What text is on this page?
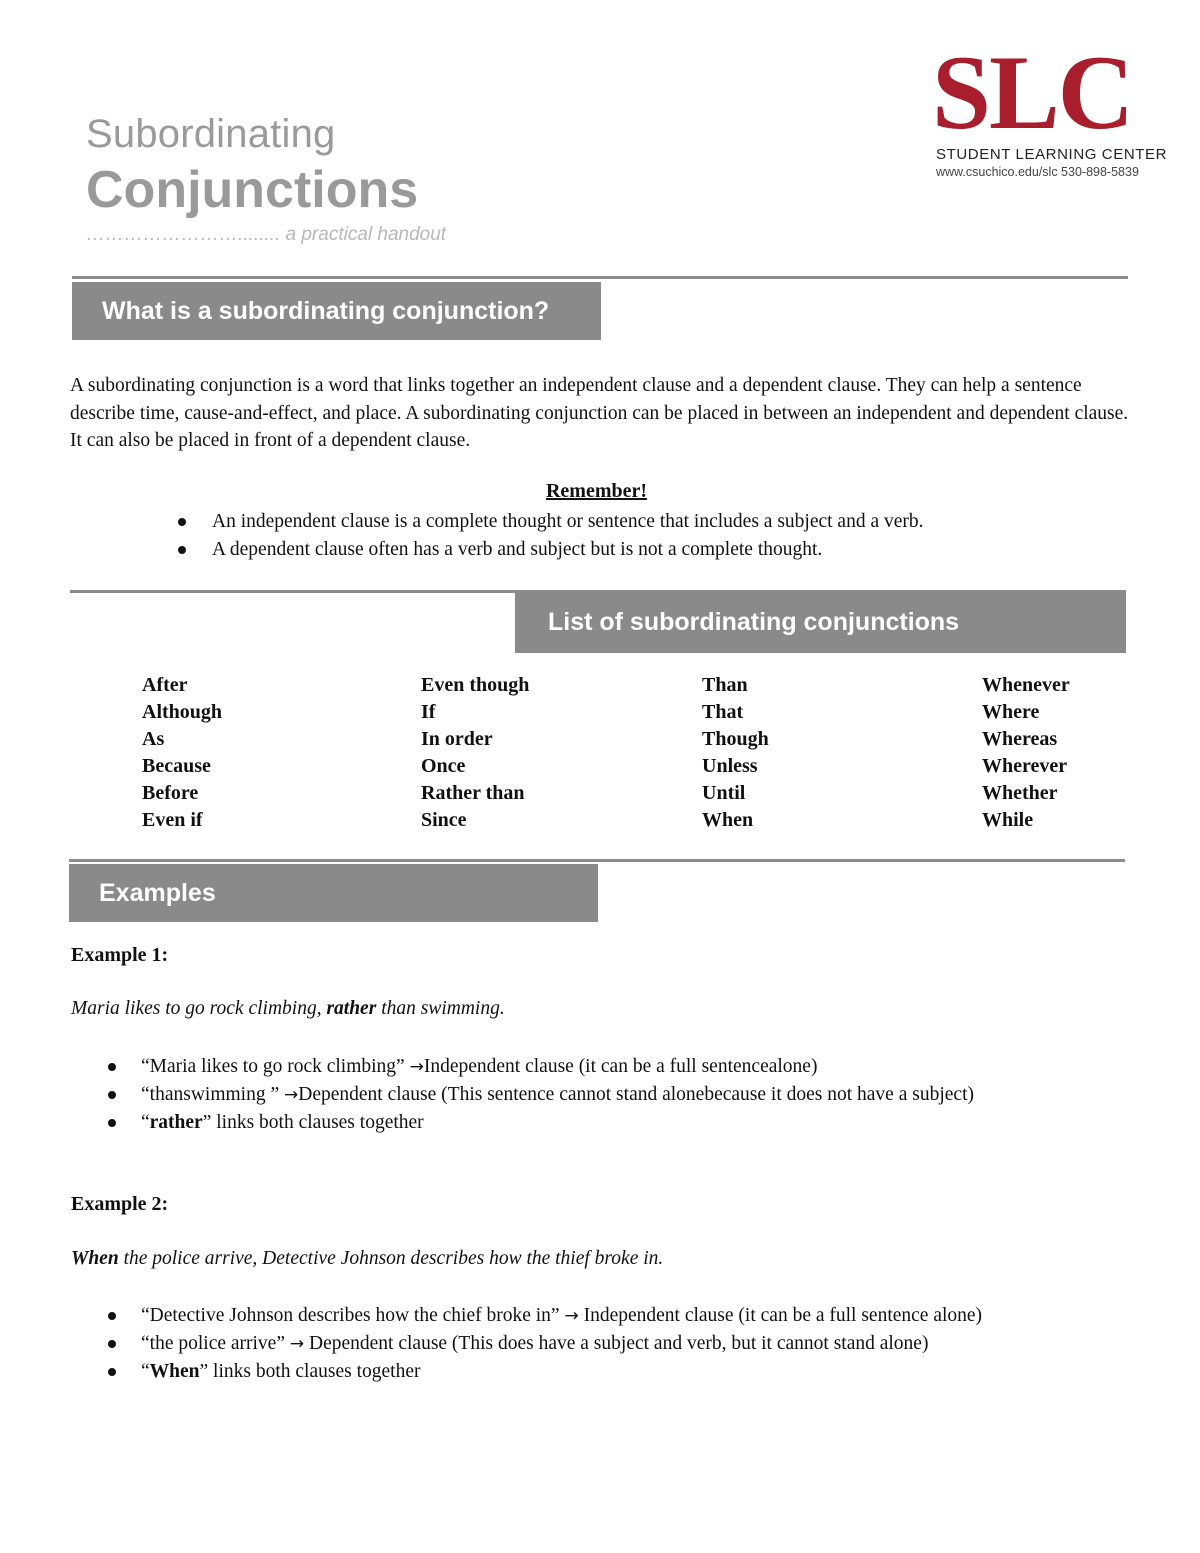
Subordinating
Conjunctions
……………………........ a practical handout
SLC
STUDENT LEARNING CENTER
www.csuchico.edu/slc 530-898-5839
What is a subordinating conjunction?
A subordinating conjunction is a word that links together an independent clause and a dependent clause. They can help a sentence describe time, cause-and-effect, and place. A subordinating conjunction can be placed in between an independent and dependent clause. It can also be placed in front of a dependent clause.
Remember!
An independent clause is a complete thought or sentence that includes a subject and a verb.
A dependent clause often has a verb and subject but is not a complete thought.
List of subordinating conjunctions
After
Although
As
Because
Before
Even if
Even though
If
In order
Once
Rather than
Since
Than
That
Though
Unless
Until
When
Whenever
Where
Whereas
Wherever
Whether
While
Examples
Example 1:
Maria likes to go rock climbing, rather than swimming.
“Maria likes to go rock climbing” →Independent clause (it can be a full sentencealone)
“thanswimming ” →Dependent clause (This sentence cannot stand alonebecause it does not have a subject)
“rather” links both clauses together
Example 2:
When the police arrive, Detective Johnson describes how the thief broke in.
“Detective Johnson describes how the chief broke in” → Independent clause (it can be a full sentence alone)
“the police arrive” → Dependent clause (This does have a subject and verb, but it cannot stand alone)
“When” links both clauses together
